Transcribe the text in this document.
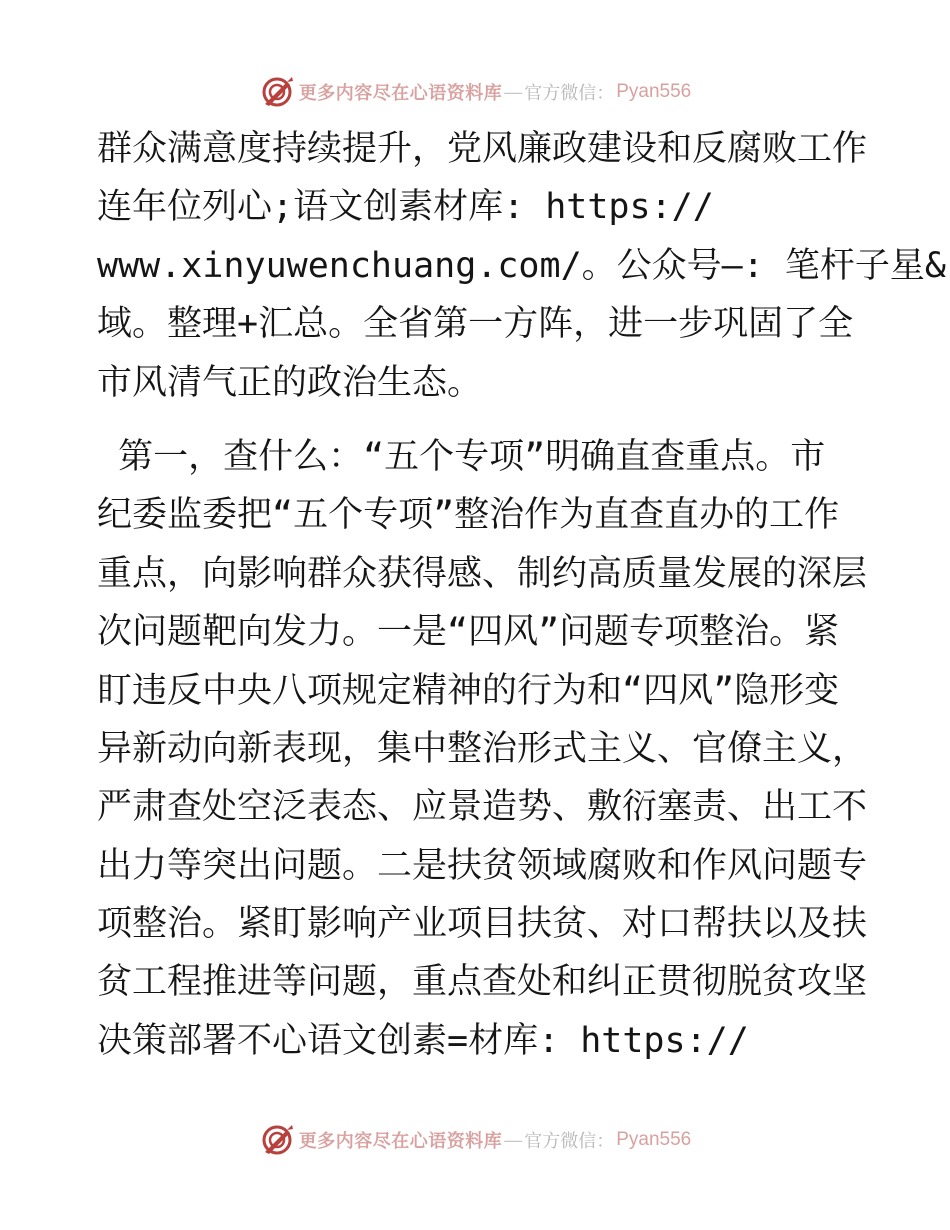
更多内容尽在心语资料库 — 官方微信： Pyan556
群众满意度持续提升，党风廉政建设和反腐败工作
连年位列心;语文创素材库: https://
www.xinyuwenchuang.com/。公众号—: 笔杆子星&
域。整理+汇总。全省第一方阵，进一步巩固了全
市风清气正的政治生态。
第一，查什么：“五个专项”明确直查重点。市
纪委监委把“五个专项”整治作为直查直办的工作
重点，向影响群众获得感、制约高质量发展的深层
次问题靶向发力。一是“四风”问题专项整治。紧
盯违反中央八项规定精神的行为和“四风”隐形变
异新动向新表现，集中整治形式主义、官僚主义，
严肃查处空泛表态、应景造势、敷衍塞责、出工不
出力等突出问题。二是扶贫领域腐败和作风问题专
项整治。紧盯影响产业项目扶贫、对口帮扶以及扶
贫工程推进等问题，重点查处和纠正贯彻脱贫攻坚
决策部署不心语文创素=材库: https://
更多内容尽在心语资料库 — 官方微信： Pyan556
